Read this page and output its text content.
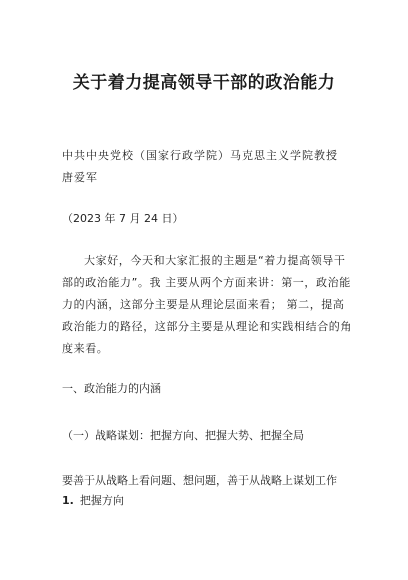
关于着力提高领导干部的政治能力
中共中央党校（国家行政学院）马克思主义学院教授
唐爱军
（2023 年 7 月 24 日）
大家好，今天和大家汇报的主题是“着力提高领导干部的政治能力”。我 主要从两个方面来讲：第一，政治能力的内涵，这部分主要是从理论层面来看； 第二，提高政治能力的路径，这部分主要是从理论和实践相结合的角度来看。
一、政治能力的内涵
（一）战略谋划：把握方向、把握大势、把握全局
要善于从战略上看问题、想问题，善于从战略上谋划工作
1. 把握方向
